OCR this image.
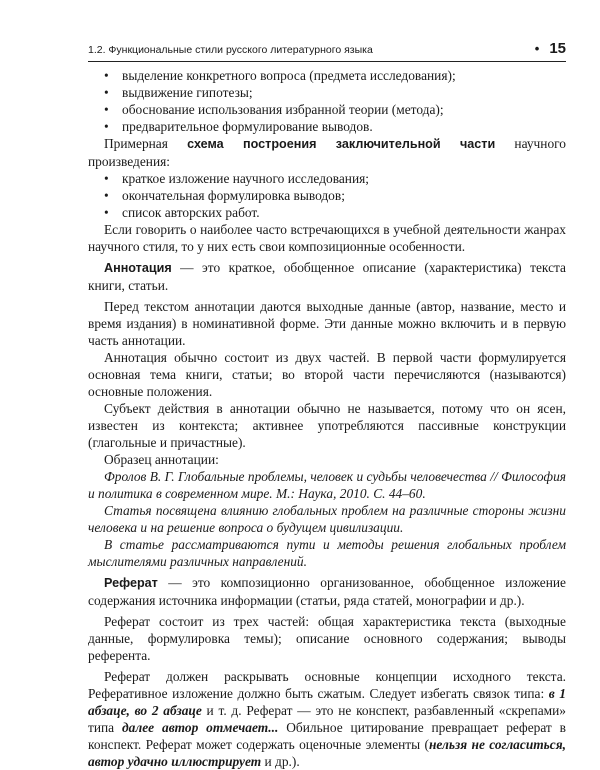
1.2. Функциональные стили русского литературного языка	• 15
• выделение конкретного вопроса (предмета исследования);
• выдвижение гипотезы;
• обоснование использования избранной теории (метода);
• предварительное формулирование выводов.

Примерная схема построения заключительной части научного произведения:

• краткое изложение научного исследования;
• окончательная формулировка выводов;
• список авторских работ.

Если говорить о наиболее часто встречающихся в учебной деятельности жанрах научного стиля, то у них есть свои композиционные особенности.

Аннотация — это краткое, обобщенное описание (характеристика) текста книги, статьи.

Перед текстом аннотации даются выходные данные (автор, название, место и время издания) в номинативной форме. Эти данные можно включить и в первую часть аннотации.

Аннотация обычно состоит из двух частей. В первой части формулируется основная тема книги, статьи; во второй части перечисляются (называются) основные положения.

Субъект действия в аннотации обычно не называется, потому что он ясен, известен из контекста; активнее употребляются пассивные конструкции (глагольные и причастные).

Образец аннотации:

Фролов В. Г. Глобальные проблемы, человек и судьбы человечества // Философия и политика в современном мире. М.: Наука, 2010. С. 44–60.

Статья посвящена влиянию глобальных проблем на различные стороны жизни человека и на решение вопроса о будущем цивилизации.

В статье рассматриваются пути и методы решения глобальных проблем мыслителями различных направлений.

Реферат — это композиционно организованное, обобщенное изложение содержания источника информации (статьи, ряда статей, монографии и др.).

Реферат состоит из трех частей: общая характеристика текста (выходные данные, формулировка темы); описание основного содержания; выводы референта.

Реферат должен раскрывать основные концепции исходного текста. Реферативное изложение должно быть сжатым. Следует избегать связок типа: в 1 абзаце, во 2 абзаце и т. д. Реферат — это не конспект, разбавленный «скрепами» типа далее автор отмечает... Обильное цитирование превращает реферат в конспект. Реферат может содержать оценочные элементы (нельзя не согласиться, автор удачно иллюстрирует и др.).
